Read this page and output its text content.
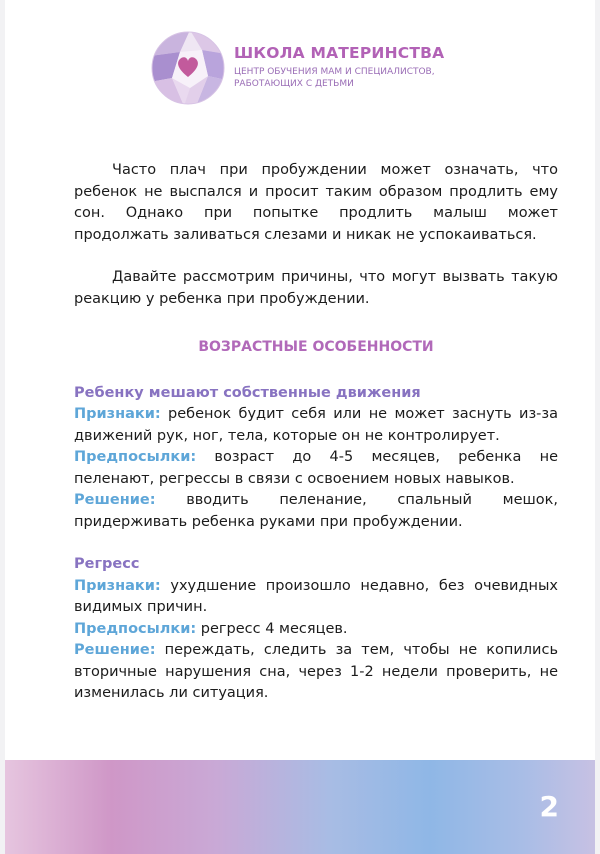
ШКОЛА МАТЕРИНСТВА

ЦЕНТР ОБУЧЕНИЯ МАМ И СПЕЦИАЛИСТОВ, РАБОТАЮЩИХ С ДЕТЬМИ

Часто плач при пробуждении может означать, что ребенок не выспался и просит таким образом продлить ему сон. Однако при попытке продлить малыш может продолжать заливаться слезами и никак не успокаиваться.

Давайте рассмотрим причины, что могут вызвать такую реакцию у ребенка при пробуждении.

ВОЗРАСТНЫЕ ОСОБЕННОСТИ

Ребенку мешают собственные движения

Признаки: ребенок будит себя или не может заснуть из-за движений рук, ног, тела, которые он не контролирует.

Предпосылки: возраст до 4-5 месяцев, ребенка не пеленают, регрессы в связи с освоением новых навыков.

Решение: вводить пеленание, спальный мешок, придерживать ребенка руками при пробуждении.

Регресс

Признаки: ухудшение произошло недавно, без очевидных видимых причин.

Предпосылки: регресс 4 месяцев.

Решение: переждать, следить за тем, чтобы не копились вторичные нарушения сна, через 1-2 недели проверить, не изменилась ли ситуация.

2
